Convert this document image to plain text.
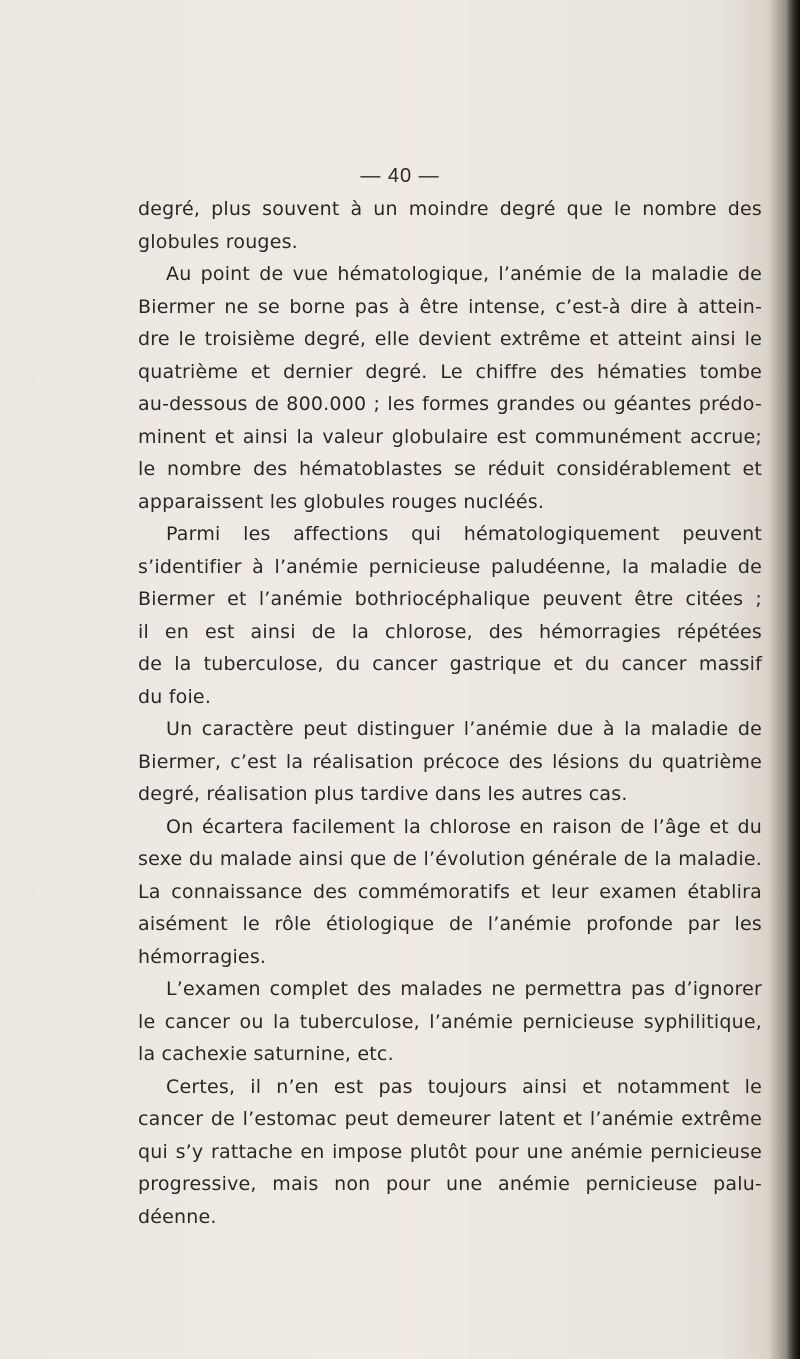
— 40 —
degré, plus souvent à un moindre degré que le nombre des
globules rouges.
Au point de vue hématologique, l’anémie de la maladie de
Biermer ne se borne pas à être intense, c’est-à dire à attein-
dre le troisième degré, elle devient extrême et atteint ainsi le
quatrième et dernier degré. Le chiffre des hématies tombe
au-dessous de 800.000 ; les formes grandes ou géantes prédo-
minent et ainsi la valeur globulaire est communément accrue;
le nombre des hématoblastes se réduit considérablement et
apparaissent les globules rouges nucléés.
Parmi les affections qui hématologiquement peuvent
s’identifier à l’anémie pernicieuse paludéenne, la maladie de
Biermer et l’anémie bothriocéphalique peuvent être citées ;
il en est ainsi de la chlorose, des hémorragies répétées
de la tuberculose, du cancer gastrique et du cancer massif
du foie.
Un caractère peut distinguer l’anémie due à la maladie de
Biermer, c’est la réalisation précoce des lésions du quatrième
degré, réalisation plus tardive dans les autres cas.
On écartera facilement la chlorose en raison de l’âge et du
sexe du malade ainsi que de l’évolution générale de la maladie.
La connaissance des commémoratifs et leur examen établira
aisément le rôle étiologique de l’anémie profonde par les
hémorragies.
L’examen complet des malades ne permettra pas d’ignorer
le cancer ou la tuberculose, l’anémie pernicieuse syphilitique,
la cachexie saturnine, etc.
Certes, il n’en est pas toujours ainsi et notamment le
cancer de l’estomac peut demeurer latent et l’anémie extrême
qui s’y rattache en impose plutôt pour une anémie pernicieuse
progressive, mais non pour une anémie pernicieuse palu-
déenne.
